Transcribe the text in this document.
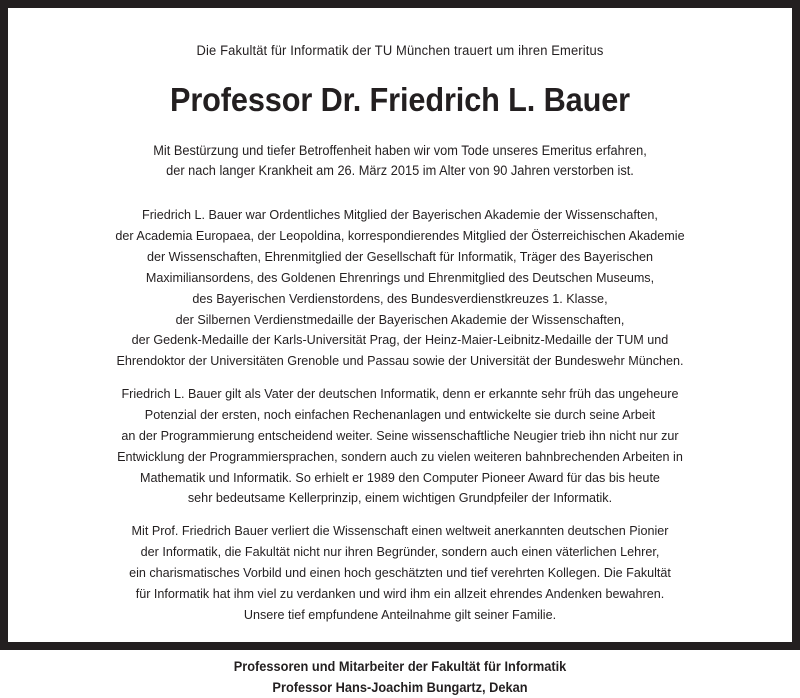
Die Fakultät für Informatik der TU München trauert um ihren Emeritus
Professor Dr. Friedrich L. Bauer
Mit Bestürzung und tiefer Betroffenheit haben wir vom Tode unseres Emeritus erfahren,
der nach langer Krankheit am 26. März 2015 im Alter von 90 Jahren verstorben ist.
Friedrich L. Bauer war Ordentliches Mitglied der Bayerischen Akademie der Wissenschaften,
der Academia Europaea, der Leopoldina, korrespondierendes Mitglied der Österreichischen Akademie
der Wissenschaften, Ehrenmitglied der Gesellschaft für Informatik, Träger des Bayerischen
Maximiliansordens, des Goldenen Ehrenrings und Ehrenmitglied des Deutschen Museums,
des Bayerischen Verdienstordens, des Bundesverdienstkreuzes 1. Klasse,
der Silbernen Verdienstmedaille der Bayerischen Akademie der Wissenschaften,
der Gedenk-Medaille der Karls-Universität Prag, der Heinz-Maier-Leibnitz-Medaille der TUM und
Ehrendoktor der Universitäten Grenoble und Passau sowie der Universität der Bundeswehr München.
Friedrich L. Bauer gilt als Vater der deutschen Informatik, denn er erkannte sehr früh das ungeheure
Potenzial der ersten, noch einfachen Rechenanlagen und entwickelte sie durch seine Arbeit
an der Programmierung entscheidend weiter. Seine wissenschaftliche Neugier trieb ihn nicht nur zur
Entwicklung der Programmiersprachen, sondern auch zu vielen weiteren bahnbrechenden Arbeiten in
Mathematik und Informatik. So erhielt er 1989 den Computer Pioneer Award für das bis heute
sehr bedeutsame Kellerprinzip, einem wichtigen Grundpfeiler der Informatik.
Mit Prof. Friedrich Bauer verliert die Wissenschaft einen weltweit anerkannten deutschen Pionier
der Informatik, die Fakultät nicht nur ihren Begründer, sondern auch einen väterlichen Lehrer,
ein charismatisches Vorbild und einen hoch geschätzten und tief verehrten Kollegen. Die Fakultät
für Informatik hat ihm viel zu verdanken und wird ihm ein allzeit ehrendes Andenken bewahren.
Unsere tief empfundene Anteilnahme gilt seiner Familie.
Professoren und Mitarbeiter der Fakultät für Informatik
Professor Hans-Joachim Bungartz, Dekan
